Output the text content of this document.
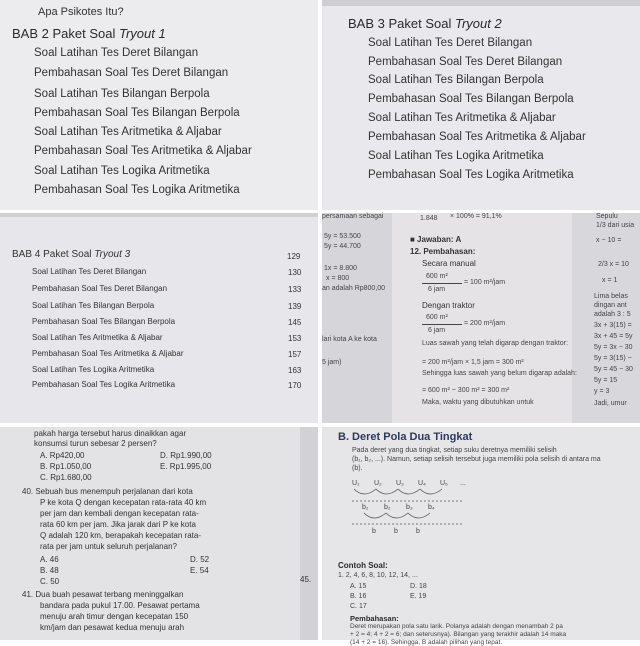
Apa Psikotes Itu?
BAB 2 Paket Soal Tryout 1
Soal Latihan Tes Deret Bilangan
Pembahasan Soal Tes Deret Bilangan
Soal Latihan Tes Bilangan Berpola
Pembahasan Soal Tes Bilangan Berpola
Soal Latihan Tes Aritmetika & Aljabar
Pembahasan Soal Tes Aritmetika & Aljabar
Soal Latihan Tes Logika Aritmetika
Pembahasan Soal Tes Logika Aritmetika
BAB 3 Paket Soal Tryout 2
Soal Latihan Tes Deret Bilangan
Pembahasan Soal Tes Deret Bilangan
Soal Latihan Tes Bilangan Berpola
Pembahasan Soal Tes Bilangan Berpola
Soal Latihan Tes Aritmetika & Aljabar
Pembahasan Soal Tes Aritmetika & Aljabar
Soal Latihan Tes Logika Aritmetika
Pembahasan Soal Tes Logika Aritmetika
BAB 4 Paket Soal Tryout 3	129
Soal Latihan Tes Deret Bilangan	130
Pembahasan Soal Tes Deret Bilangan	133
Soal Latihan Tes Bilangan Berpola	139
Pembahasan Soal Tes Bilangan Berpola	145
Soal Latihan Tes Aritmetika & Aljabar	153
Pembahasan Soal Tes Aritmetika & Aljabar	157
Soal Latihan Tes Logika Aritmetika	163
Pembahasan Soal Tes Logika Aritmetika	170
persamaan sebagai
5y = 53.500
5y = 44.700
1x = 8.800
x = 800
an adalah Rp800,00
lari kota A ke kota
5 jam)
1.848 × 100% = 91,1%
■ Jawaban: A
12. Pembahasan:
Secara manual
600 m²
6 jam
= 100 m²/jam
Dengan traktor
600 m²
6 jam
= 200 m²/jam
Luas sawah yang telah digarap dengan traktor:
= 200 m²/jam × 1,5 jam = 300 m²
Sehingga luas sawah yang belum digarap adalah:
= 600 m² − 300 m² = 300 m²
Maka, waktu yang dibutuhkan untuk
Sepulu
1/3 dari usia
x − 10 =
2/3 x = 10
x = 1
Lima belas
dingan ant
adalah 3 : 5
3x + 3(15) =
3x + 45 = 5y
5y = 3x − 30
5y = 3(15) −
5y = 45 − 30
5y = 15
y = 3
Jadi, umur
pakah harga tersebut harus dinaikkan agar
konsumsi turun sebesar 2 persen?
A. Rp420,00	D. Rp1.990,00
B. Rp1.050,00	E. Rp1.995,00
C. Rp1.680,00
40. Sebuah bus menempuh perjalanan dari kota
P ke kota Q dengan kecepatan rata-rata 40 km
per jam dan kembali dengan kecepatan rata-
rata 60 km per jam. Jika jarak dari P ke kota
Q adalah 120 km, berapakah kecepatan rata-
rata per jam untuk seluruh perjalanan?
A. 46	D. 52
B. 48	E. 54
C. 50	45.
41. Dua buah pesawat terbang meninggalkan
bandara pada pukul 17.00. Pesawat pertama
menuju arah timur dengan kecepatan 150
km/jam dan pesawat kedua menuju arah
B. Deret Pola Dua Tingkat
Pada deret yang dua tingkat, setiap suku deretnya memiliki selisih
(b₁, b₂, ...). Namun, setiap selisih tersebut juga memiliki pola selisih di antara ma
(b).
U₁ U₂ U₃ U₄ U₅ ...
b₁ b₂ b₃ b₄
b	b	b
Contoh Soal:
1. 2, 4, 6, 8, 10, 12, 14, ...
A. 15	D. 18
B. 16	E. 19
C. 17
Pembahasan:
Deret merupakan pola satu larik. Polanya adalah dengan menambah 2 pa
+ 2 = 4; 4 + 2 = 6; dan seterusnya). Bilangan yang terakhir adalah 14 maka
(14 + 2 = 16). Sehingga, B adalah pilihan yang tepat.
